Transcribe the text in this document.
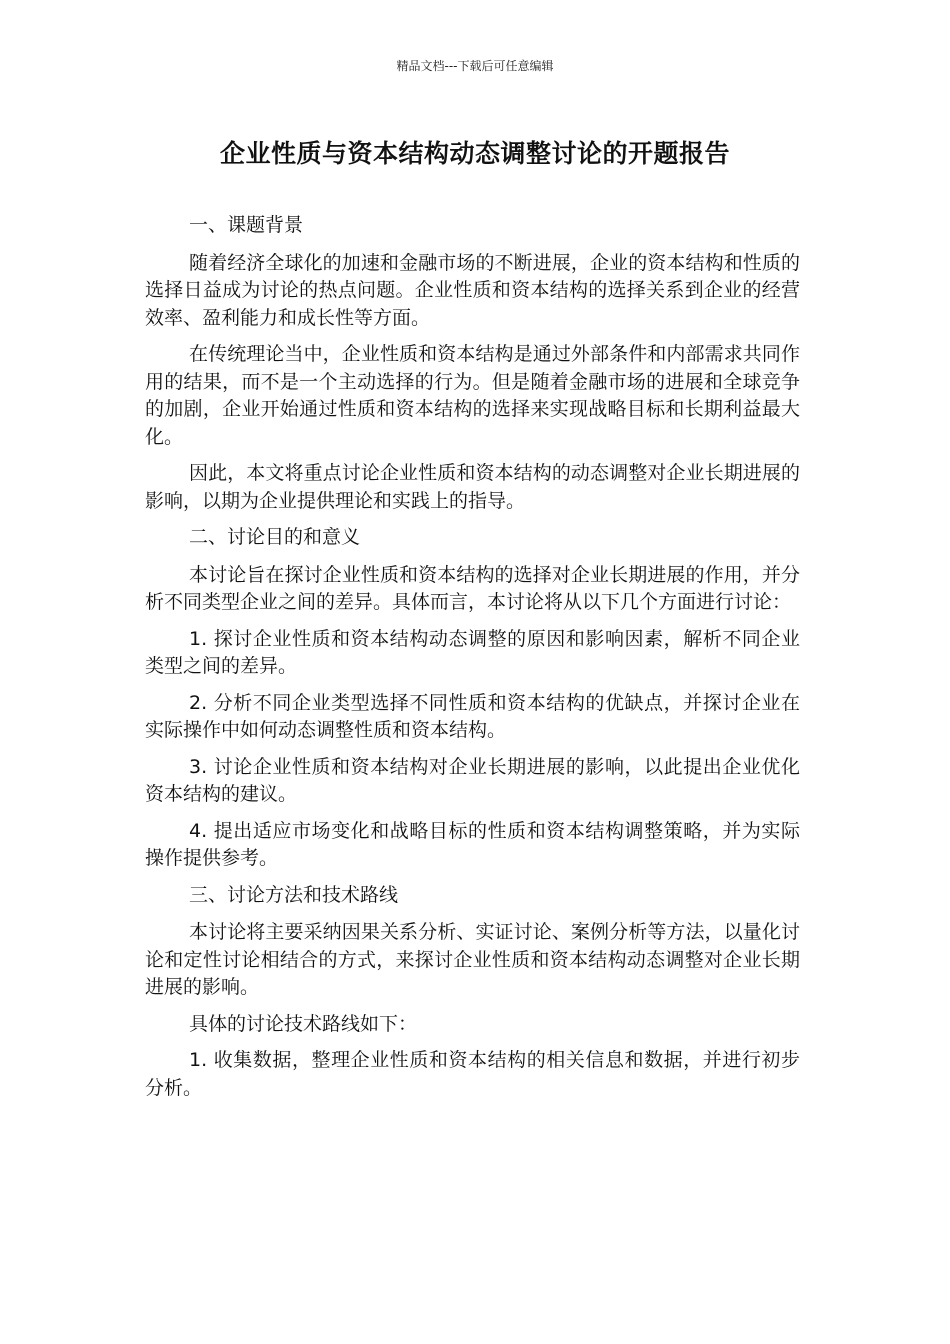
精品文档---下载后可任意编辑
企业性质与资本结构动态调整讨论的开题报告

一、课题背景

随着经济全球化的加速和金融市场的不断进展，企业的资本结构和性质的选择日益成为讨论的热点问题。企业性质和资本结构的选择关系到企业的经营效率、盈利能力和成长性等方面。

在传统理论当中，企业性质和资本结构是通过外部条件和内部需求共同作用的结果，而不是一个主动选择的行为。但是随着金融市场的进展和全球竞争的加剧，企业开始通过性质和资本结构的选择来实现战略目标和长期利益最大化。

因此，本文将重点讨论企业性质和资本结构的动态调整对企业长期进展的影响，以期为企业提供理论和实践上的指导。

二、讨论目的和意义

本讨论旨在探讨企业性质和资本结构的选择对企业长期进展的作用，并分析不同类型企业之间的差异。具体而言，本讨论将从以下几个方面进行讨论：

1. 探讨企业性质和资本结构动态调整的原因和影响因素，解析不同企业类型之间的差异。

2. 分析不同企业类型选择不同性质和资本结构的优缺点，并探讨企业在实际操作中如何动态调整性质和资本结构。

3. 讨论企业性质和资本结构对企业长期进展的影响，以此提出企业优化资本结构的建议。

4. 提出适应市场变化和战略目标的性质和资本结构调整策略，并为实际操作提供参考。

三、讨论方法和技术路线

本讨论将主要采纳因果关系分析、实证讨论、案例分析等方法，以量化讨论和定性讨论相结合的方式，来探讨企业性质和资本结构动态调整对企业长期进展的影响。

具体的讨论技术路线如下：

1. 收集数据，整理企业性质和资本结构的相关信息和数据，并进行初步分析。
